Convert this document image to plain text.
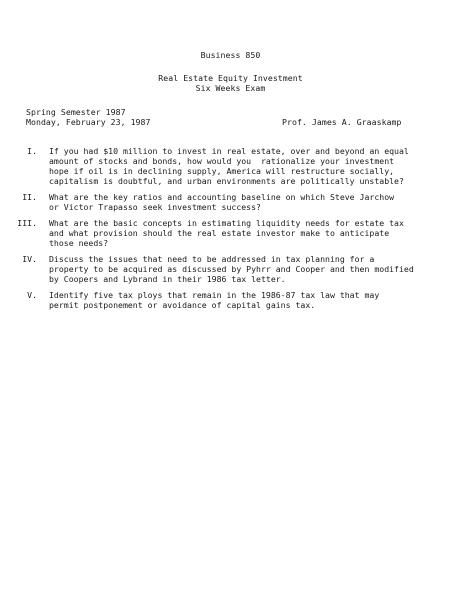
Business 850
Real Estate Equity Investment
Six Weeks Exam
Spring Semester 1987
Monday, February 23, 1987	Prof. James A. Graaskamp
I. If you had $10 million to invest in real estate, over and beyond an equal
amount of stocks and bonds, how would you  rationalize your investment
hope if oil is in declining supply, America will restructure socially,
capitalism is doubtful, and urban environments are politically unstable?
II. What are the key ratios and accounting baseline on which Steve Jarchow
or Victor Trapasso seek investment success?
III. What are the basic concepts in estimating liquidity needs for estate tax
and what provision should the real estate investor make to anticipate
those needs?
IV. Discuss the issues that need to be addressed in tax planning for a
property to be acquired as discussed by Pyhrr and Cooper and then modified
by Coopers and Lybrand in their 1986 tax letter.
V. Identify five tax ploys that remain in the 1986-87 tax law that may
permit postponement or avoidance of capital gains tax.
